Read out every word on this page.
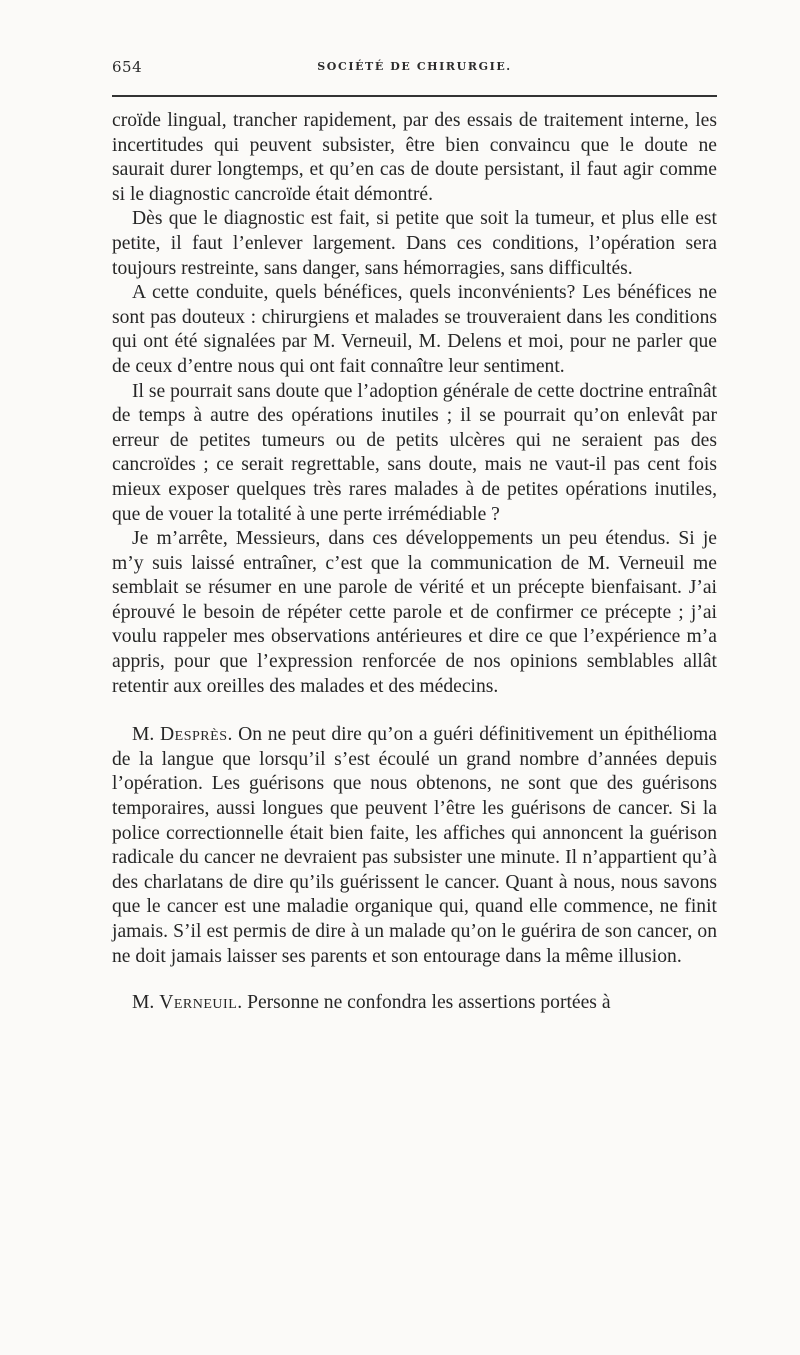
654	SOCIÉTÉ DE CHIRURGIE.

croïde lingual, trancher rapidement, par des essais de traitement interne, les incertitudes qui peuvent subsister, être bien convaincu que le doute ne saurait durer longtemps, et qu’en cas de doute persistant, il faut agir comme si le diagnostic cancroïde était démontré.

Dès que le diagnostic est fait, si petite que soit la tumeur, et plus elle est petite, il faut l’enlever largement. Dans ces conditions, l’opération sera toujours restreinte, sans danger, sans hémorragies, sans difficultés.

A cette conduite, quels bénéfices, quels inconvénients? Les bénéfices ne sont pas douteux : chirurgiens et malades se trouveraient dans les conditions qui ont été signalées par M. Verneuil, M. Delens et moi, pour ne parler que de ceux d’entre nous qui ont fait connaître leur sentiment.

Il se pourrait sans doute que l’adoption générale de cette doctrine entraînât de temps à autre des opérations inutiles ; il se pourrait qu’on enlevât par erreur de petites tumeurs ou de petits ulcères qui ne seraient pas des cancroïdes ; ce serait regrettable, sans doute, mais ne vaut-il pas cent fois mieux exposer quelques très rares malades à de petites opérations inutiles, que de vouer la totalité à une perte irrémédiable ?

Je m’arrête, Messieurs, dans ces développements un peu étendus. Si je m’y suis laissé entraîner, c’est que la communication de M. Verneuil me semblait se résumer en une parole de vérité et un précepte bienfaisant. J’ai éprouvé le besoin de répéter cette parole et de confirmer ce précepte ; j’ai voulu rappeler mes observations antérieures et dire ce que l’expérience m’a appris, pour que l’expression renforcée de nos opinions semblables allât retentir aux oreilles des malades et des médecins.

M. Desprès. On ne peut dire qu’on a guéri définitivement un épithélioma de la langue que lorsqu’il s’est écoulé un grand nombre d’années depuis l’opération. Les guérisons que nous obtenons, ne sont que des guérisons temporaires, aussi longues que peuvent l’être les guérisons de cancer. Si la police correctionnelle était bien faite, les affiches qui annoncent la guérison radicale du cancer ne devraient pas subsister une minute. Il n’appartient qu’à des charlatans de dire qu’ils guérissent le cancer. Quant à nous, nous savons que le cancer est une maladie organique qui, quand elle commence, ne finit jamais. S’il est permis de dire à un malade qu’on le guérira de son cancer, on ne doit jamais laisser ses parents et son entourage dans la même illusion.

M. Verneuil. Personne ne confondra les assertions portées à
